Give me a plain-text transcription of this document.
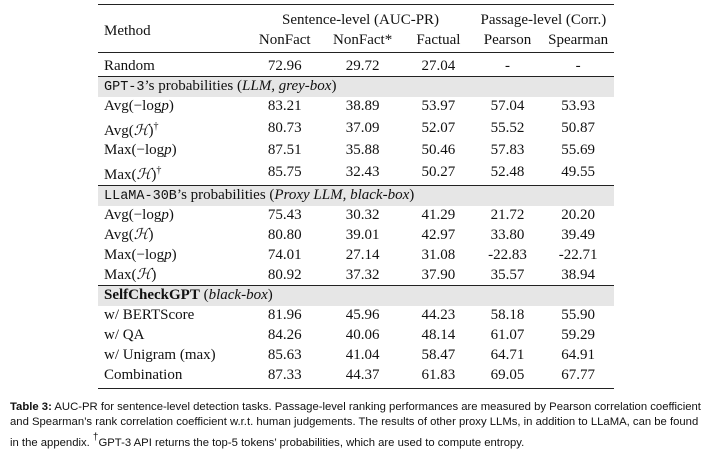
Method	Sentence-level (AUC-PR)			Passage-level (Corr.)	
	NonFact	NonFact*	Factual	Pearson	Spearman
Random	72.96	29.72	27.04	-	-
GPT-3’s probabilities (LLM, grey-box)					
Avg(−logp)	83.21	38.89	53.97	57.04	53.93
Avg(ℋ)†	80.73	37.09	52.07	55.52	50.87
Max(−logp)	87.51	35.88	50.46	57.83	55.69
Max(ℋ)†	85.75	32.43	50.27	52.48	49.55
LLaMA-30B’s probabilities (Proxy LLM, black-box)					
Avg(−logp)	75.43	30.32	41.29	21.72	20.20
Avg(ℋ)	80.80	39.01	42.97	33.80	39.49
Max(−logp)	74.01	27.14	31.08	-22.83	-22.71
Max(ℋ)	80.92	37.32	37.90	35.57	38.94
SelfCheckGPT (black-box)					
w/ BERTScore	81.96	45.96	44.23	58.18	55.90
w/ QA	84.26	40.06	48.14	61.07	59.29
w/ Unigram (max)	85.63	41.04	58.47	64.71	64.91
Combination	87.33	44.37	61.83	69.05	67.77
Table 3: AUC-PR for sentence-level detection tasks. Passage-level ranking performances are measured by Pearson correlation coefficient and Spearman’s rank correlation coefficient w.r.t. human judgements. The results of other proxy LLMs, in addition to LLaMA, can be found in the appendix. †GPT-3 API returns the top-5 tokens’ probabilities, which are used to compute entropy.
